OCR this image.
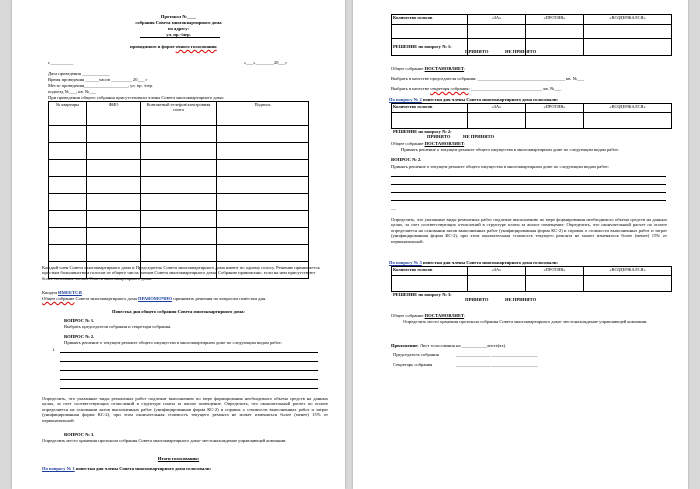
Протокол №____
собрания Совета многоквартирного дома
по адресу:
ул. пр.-/пер.
проводимого в форме очного голосования
г.__________	«___»________20___г
Дата проведения ____________
Время проведения ______часов _________ 20___ г
Место проведения___________________, ул. пр. /пер.
подъезд №___, кв. №___
При проведении общего собрания присутствовали члены Совета многоквартирного дома:
№ квартиры	ФИО	Контактный телефон/электронная почта	Подпись

Каждый член Совета многоквартирного дома и Председатель Совета многоквартирного дома имеют по одному голосу. Решение принимается простым большинством голосов от общего числа членов Совета многоквартирного дома. Собрание правомочно, если на нем присутствуют более половины членов Совета многоквартирного дома.
Кворум ИМЕЕТСЯ
Общее собрание Совета многоквартирного дома ПРАВОМОЧНО принимать решения по вопросам повестки дня.
Повестка дня общего собрания Совета многоквартирного дома:
ВОПРОС № 1.
Выбрать председателя собрания и секретаря собрания.
ВОПРОС № 2.
Принять решение о текущем ремонте общего имущества в многоквартирном доме по следующим видам работ:
1.
Определить, что указанные виды ремонтных работ подлежат выполнению по мере формирования необходимого объема средств на данных целях, за счет соответствующих отчислений в структуре платы за жилое помещение. Определить, что окончательный расчет по оплате определяется на основании актов выполненных работ (унифицированная форма КС-2) и справок о стоимости выполненных работ и затрат (унифицированная форма КС-2), при этом окончательная стоимость текущего ремонта не может изменяться более (менее) 15% от первоначальной.
ВОПРОС № 3.
Определить место хранения протокола собрания Совета многоквартирного дома- местонахождение управляющей компании.
Итоги голосования:
По вопросу № 1 повестки дня члены Совета многоквартирного дома голосовали:
Количество голосов	«ЗА»	«ПРОТИВ»	«ВОЗДЕРЖАЛСЯ»

РЕШЕНИЕ по вопросу № 1:
ПРИНЯТО	НЕ ПРИНЯТО
Общее собрание ПОСТАНОВЛЯЕТ:
Выбрать в качестве председателя собрания: ______________________________________ кв. №___
Выбрать в качестве секретаря собрания: _______________________________ кв. №___
По вопросу № 2 повестки дня члены Совета многоквартирного дома голосовали:
Количество голосов	«ЗА»	«ПРОТИВ»	«ВОЗДЕРЖАЛСЯ»

РЕШЕНИЕ по вопросу № 2:
ПРИНЯТО	НЕ ПРИНЯТО
Общее собрание ПОСТАНОВЛЯЕТ:
Принять решение о текущем ремонте общего имущества в многоквартирном доме по следующим видам работ:
ВОПРОС № 2.
Принять решение о текущем ремонте общего имущества в многоквартирном доме по следующим видам работ:
—
Определить, что указанные виды ремонтных работ подлежат выполнению по мере формирования необходимого объема средств на данных целях, за счет соответствующих отчислений в структуре платы за жилое помещение. Определить, что окончательный расчет по оплате определяется на основании актов выполненных работ (унифицированная форма КС-2) и справок о стоимости выполненных работ и затрат (унифицированная форма КС-2), при этом окончательная стоимость текущего ремонта не может изменяться более (менее) 15% от первоначальной.
По вопросу № 3 повестки дня члены Совета многоквартирного дома голосовали:
Количество голосов	«ЗА»	«ПРОТИВ»	«ВОЗДЕРЖАЛСЯ»

РЕШЕНИЕ по вопросу № 3:
ПРИНЯТО	НЕ ПРИНЯТО
Общее собрание ПОСТАНОВЛЯЕТ:
Определить место хранения протокола собрания Совета многоквартирного дома- местонахождение управляющей компании.
Приложение: Лист голосования на ___________листе(ах).
Председатель собрания	_______________ ____________________
Секретарь собрания	_______________ ____________________
